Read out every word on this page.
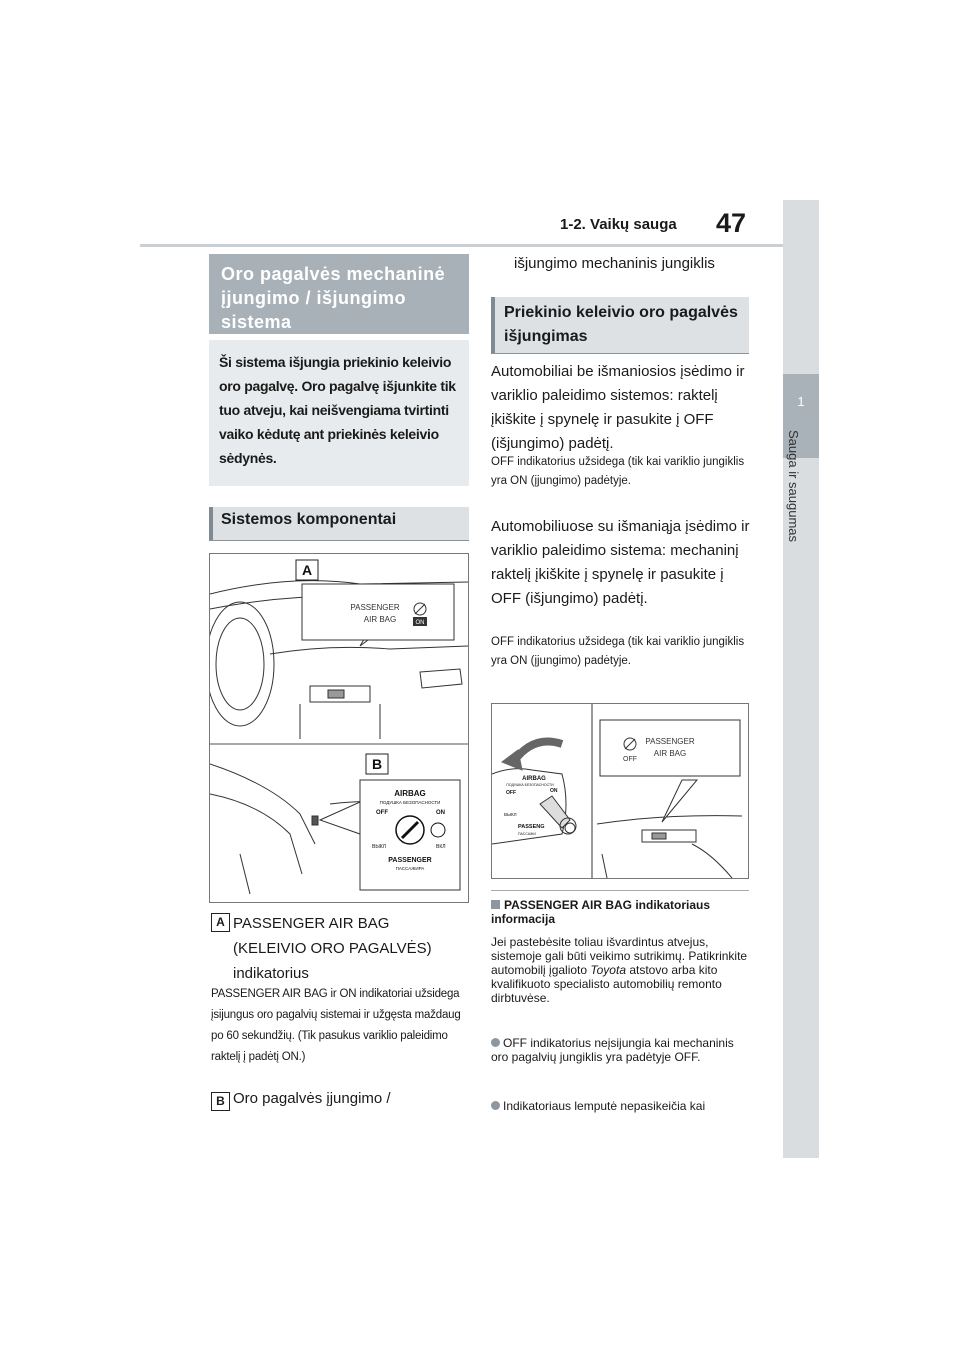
1-2. Vaikų sauga 47
1
Sauga ir saugumas
Oro pagalvės mechaninė įjungimo / išjungimo sistema
Ši sistema išjungia priekinio keleivio oro pagalvę. Oro pagalvę išjunkite tik tuo atveju, kai neišvengiama tvirtinti vaiko kėdutę ant priekinės keleivio sėdynės.
Sistemos komponentai
A
PASSENGER
AIR BAG	ON
B
AIRBAG
ПОДУШКА БЕЗОПАСНОСТИ
OFF	ON
ВЫКЛ	ВКЛ
PASSENGER
ПАССАЖИРА
A PASSENGER AIR BAG (KELEIVIO ORO PAGALVĖS) indikatorius
PASSENGER AIR BAG ir ON indikatoriai užsidega įsijungus oro pagalvių sistemai ir užgęsta maždaug po 60 sekundžių. (Tik pasukus variklio paleidimo raktelį į padėtį ON.)
B Oro pagalvės įjungimo /
išjungimo mechaninis jungiklis
Priekinio keleivio oro pagalvės išjungimas
Automobiliai be išmaniosios įsėdimo ir variklio paleidimo sistemos: raktelį įkiškite į spynelę ir pasukite į OFF (išjungimo) padėtį.
OFF indikatorius užsidega (tik kai variklio jungiklis yra ON (įjungimo) padėtyje.
Automobiliuose su išmaniąja įsėdimo ir variklio paleidimo sistema: mechaninį raktelį įkiškite į spynelę ir pasukite į OFF (išjungimo) padėtį.
OFF indikatorius užsidega (tik kai variklio jungiklis yra ON (įjungimo) padėtyje.
OFF
PASSENGER
AIR BAG
AIRBAG
ПОДУШКА БЕЗОПАСНОСТИ
OFF	ON
ВЫКЛ
PASSENG
ПАССАЖИ
PASSENGER AIR BAG indikatoriaus informacija
Jei pastebėsite toliau išvardintus atvejus, sistemoje gali būti veikimo sutrikimų. Patikrinkite automobilį įgalioto Toyota atstovo arba kito kvalifikuoto specialisto automobilių remonto dirbtuvėse.
OFF indikatorius neįsijungia kai mechaninis oro pagalvių jungiklis yra padėtyje OFF.
Indikatoriaus lemputė nepasikeičia kai
